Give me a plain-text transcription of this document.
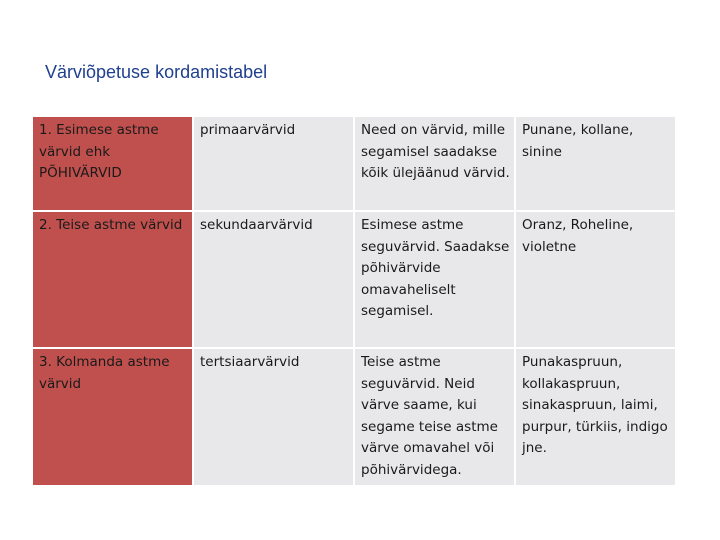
Värviõpetuse kordamistabel
1. Esimese astme värvid ehk PÕHIVÄRVID	primaarvärvid	Need on värvid, mille segamisel saadakse kõik ülejäänud värvid.	Punane, kollane, sinine
2. Teise astme värvid	sekundaarvärvid	Esimese astme seguvärvid. Saadakse põhivärvide omavaheliselt segamisel.	Oranz, Roheline, violetne
3. Kolmanda astme värvid	tertsiaarvärvid	Teise astme seguvärvid. Neid värve saame, kui segame teise astme värve omavahel või põhivärvidega.	Punakaspruun, kollakaspruun, sinakaspruun, laimi, purpur, türkiis, indigo jne.
